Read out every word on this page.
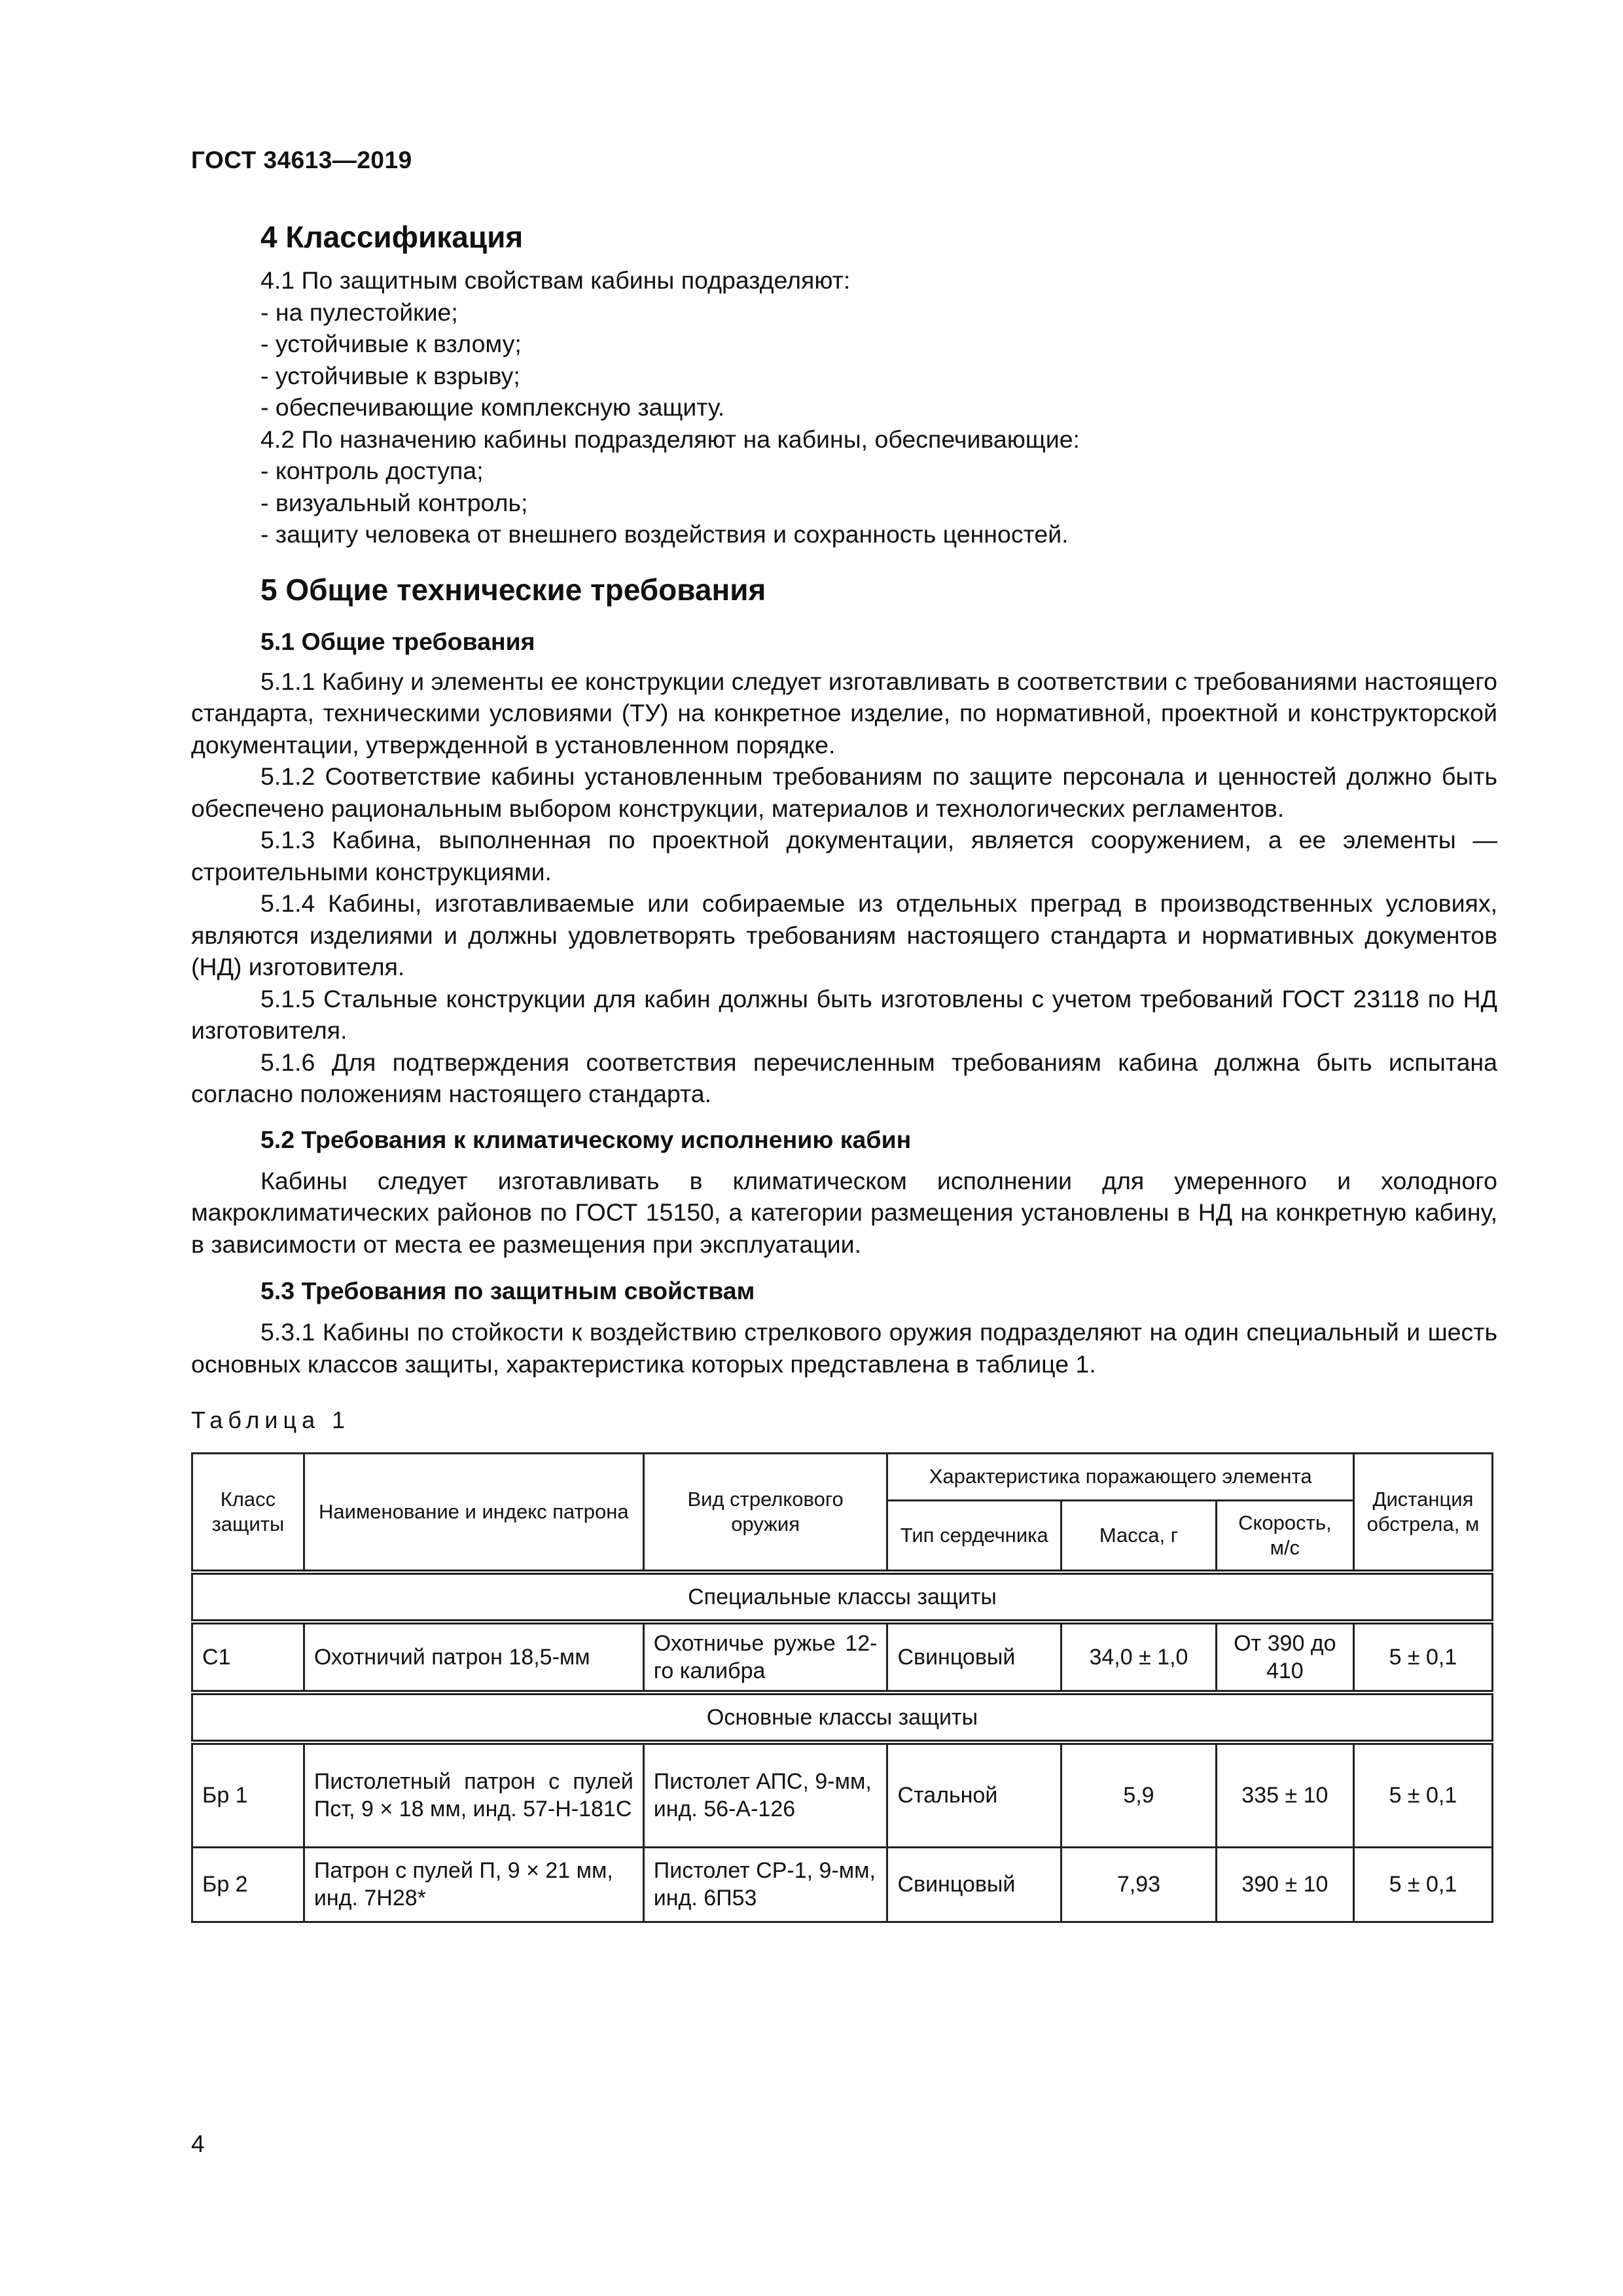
ГОСТ 34613—2019
4 Классификация

4.1 По защитным свойствам кабины подразделяют:

- на пулестойкие;

- устойчивые к взлому;

- устойчивые к взрыву;

- обеспечивающие комплексную защиту.

4.2 По назначению кабины подразделяют на кабины, обеспечивающие:

- контроль доступа;

- визуальный контроль;

- защиту человека от внешнего воздействия и сохранность ценностей.

5 Общие технические требования
5.1 Общие требования

5.1.1 Кабину и элементы ее конструкции следует изготавливать в соответствии с требованиями настоящего стандарта, техническими условиями (ТУ) на конкретное изделие, по нормативной, проектной и конструкторской документации, утвержденной в установленном порядке.

5.1.2 Соответствие кабины установленным требованиям по защите персонала и ценностей должно быть обеспечено рациональным выбором конструкции, материалов и технологических регламентов.

5.1.3 Кабина, выполненная по проектной документации, является сооружением, а ее элементы — строительными конструкциями.

5.1.4 Кабины, изготавливаемые или собираемые из отдельных преград в производственных условиях, являются изделиями и должны удовлетворять требованиям настоящего стандарта и нормативных документов (НД) изготовителя.

5.1.5 Стальные конструкции для кабин должны быть изготовлены с учетом требований ГОСТ 23118 по НД изготовителя.

5.1.6 Для подтверждения соответствия перечисленным требованиям кабина должна быть испытана согласно положениям настоящего стандарта.

5.2 Требования к климатическому исполнению кабин

Кабины следует изготавливать в климатическом исполнении для умеренного и холодного макроклиматических районов по ГОСТ 15150, а категории размещения установлены в НД на конкретную кабину, в зависимости от места ее размещения при эксплуатации.

5.3 Требования по защитным свойствам

5.3.1 Кабины по стойкости к воздействию стрелкового оружия подразделяют на один специальный и шесть основных классов защиты, характеристика которых представлена в таблице 1.

Таблица 1

Класс защиты	Наименование и индекс патрона	Вид стрелкового оружия	Характеристика поражающего элемента			Дистанция обстрела, м
			Тип сердечника	Масса, г	Скорость, м/с	
Специальные классы защиты						
С1	Охотничий патрон 18,5-мм	Охотничье ружье 12-го калибра	Свинцовый	34,0 ± 1,0	От 390 до 410	5 ± 0,1
Основные классы защиты						
Бр 1	Пистолетный патрон с пулей Пст, 9 × 18 мм, инд. 57-Н-181С	Пистолет АПС, 9-мм, инд. 56-А-126	Стальной	5,9	335 ± 10	5 ± 0,1
Бр 2	Патрон с пулей П, 9 × 21 мм, инд. 7Н28*	Пистолет СР-1, 9-мм, инд. 6П53	Свинцовый	7,93	390 ± 10	5 ± 0,1
4
